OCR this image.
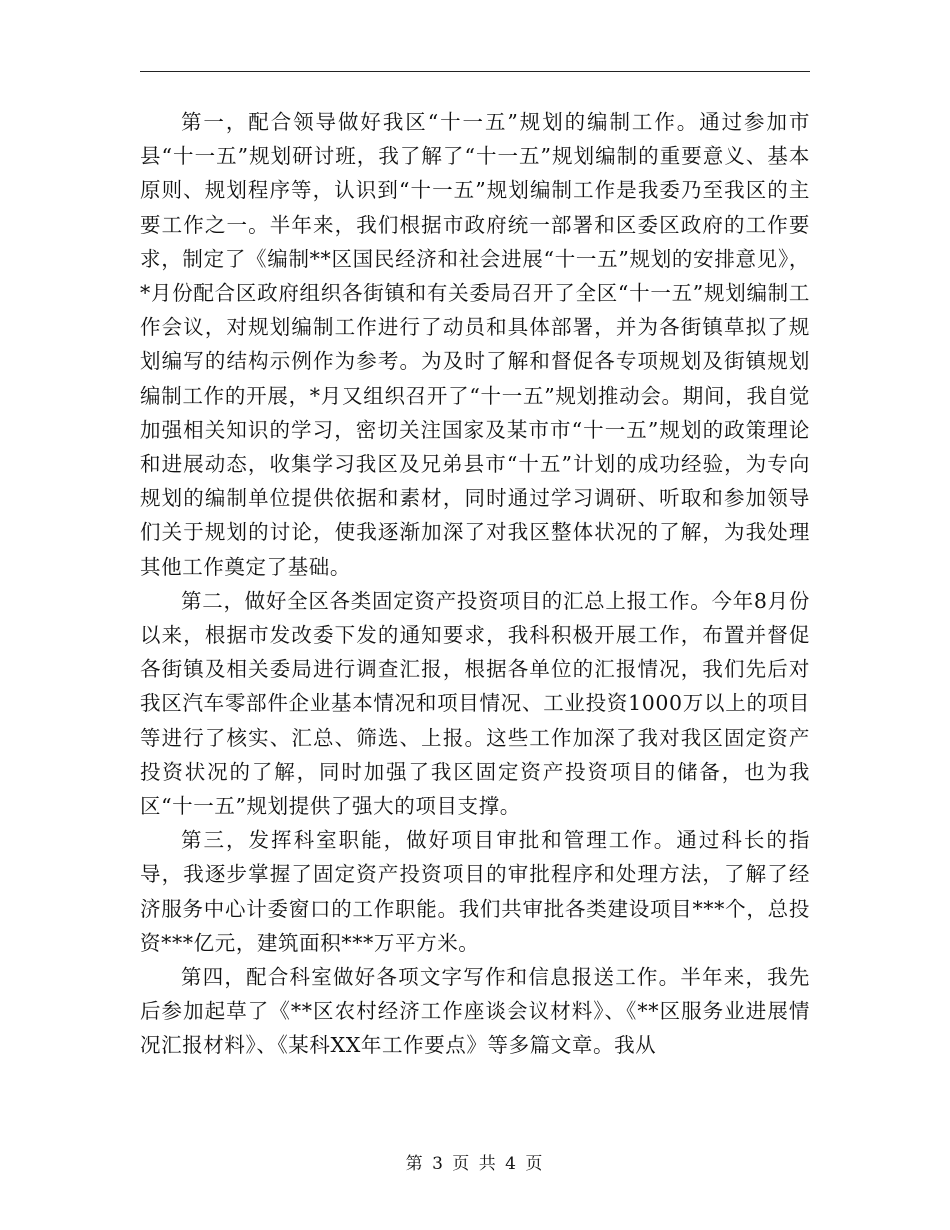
第一，配合领导做好我区“十一五”规划的编制工作。通过参加市县“十一五”规划研讨班，我了解了“十一五”规划编制的重要意义、基本原则、规划程序等，认识到“十一五”规划编制工作是我委乃至我区的主要工作之一。半年来，我们根据市政府统一部署和区委区政府的工作要求，制定了《编制**区国民经济和社会进展“十一五”规划的安排意见》，*月份配合区政府组织各街镇和有关委局召开了全区“十一五”规划编制工作会议，对规划编制工作进行了动员和具体部署，并为各街镇草拟了规划编写的结构示例作为参考。为及时了解和督促各专项规划及街镇规划编制工作的开展，*月又组织召开了“十一五”规划推动会。期间，我自觉加强相关知识的学习，密切关注国家及某市市“十一五”规划的政策理论和进展动态，收集学习我区及兄弟县市“十五”计划的成功经验，为专向规划的编制单位提供依据和素材，同时通过学习调研、听取和参加领导们关于规划的讨论，使我逐渐加深了对我区整体状况的了解，为我处理其他工作奠定了基础。

第二，做好全区各类固定资产投资项目的汇总上报工作。今年8月份以来，根据市发改委下发的通知要求，我科积极开展工作，布置并督促各街镇及相关委局进行调查汇报，根据各单位的汇报情况，我们先后对我区汽车零部件企业基本情况和项目情况、工业投资1000万以上的项目等进行了核实、汇总、筛选、上报。这些工作加深了我对我区固定资产投资状况的了解，同时加强了我区固定资产投资项目的储备，也为我区“十一五”规划提供了强大的项目支撑。

第三，发挥科室职能，做好项目审批和管理工作。通过科长的指导，我逐步掌握了固定资产投资项目的审批程序和处理方法，了解了经济服务中心计委窗口的工作职能。我们共审批各类建设项目***个，总投资***亿元，建筑面积***万平方米。

第四，配合科室做好各项文字写作和信息报送工作。半年来，我先后参加起草了《**区农村经济工作座谈会议材料》、《**区服务业进展情况汇报材料》、《某科XX年工作要点》等多篇文章。我从

第 3 页 共 4 页
